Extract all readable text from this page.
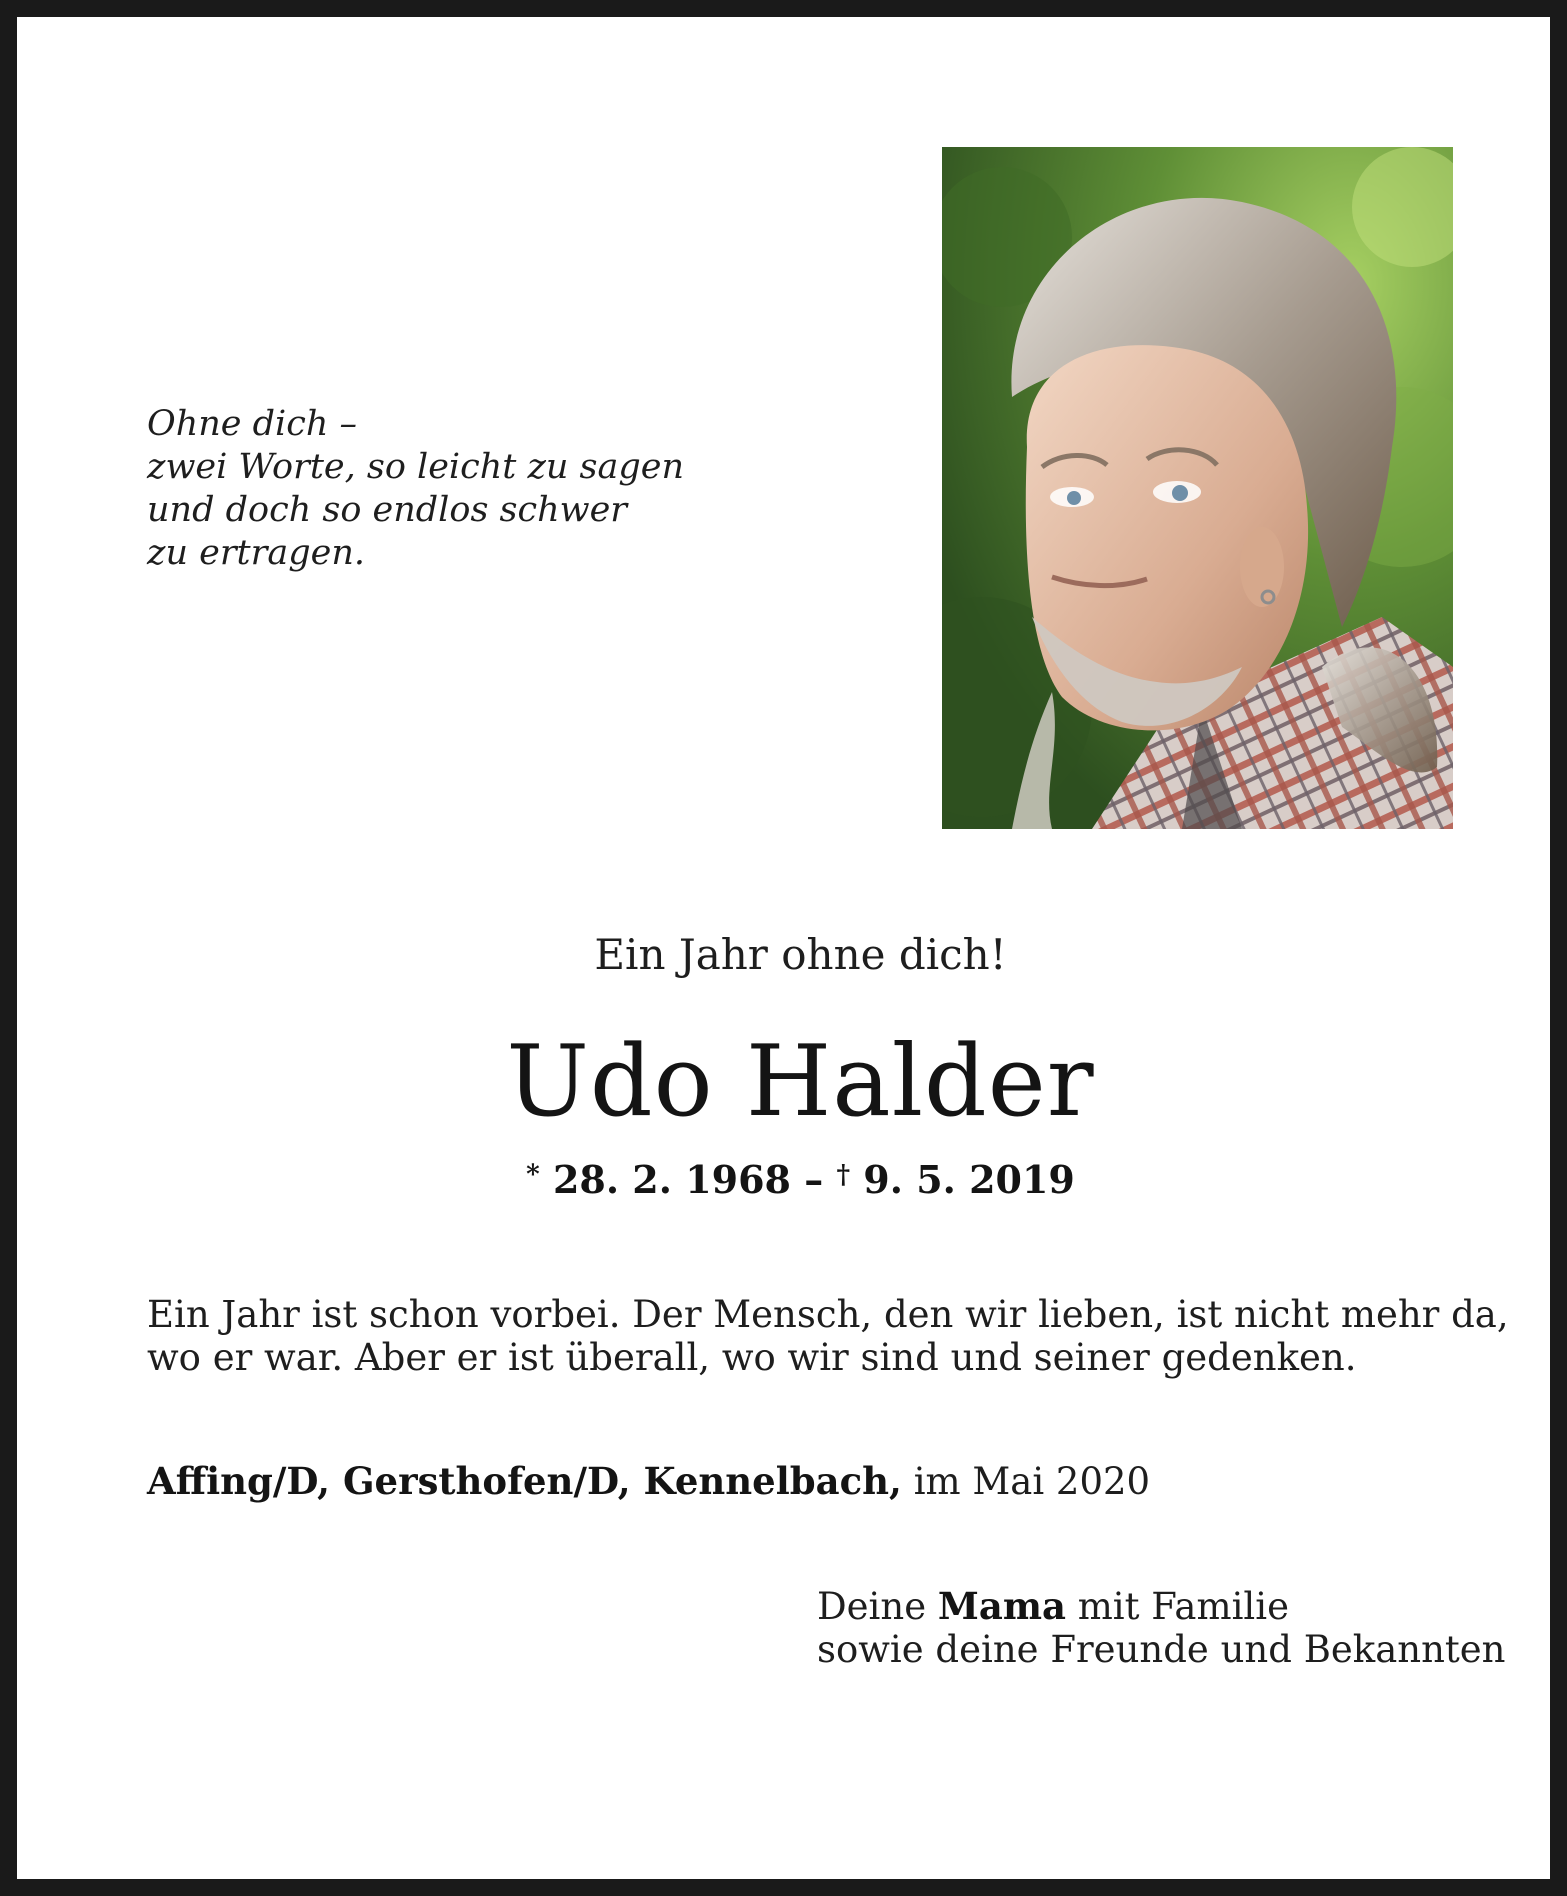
Ohne dich –
zwei Worte, so leicht zu sagen
und doch so endlos schwer
zu ertragen.
Ein Jahr ohne dich!
Udo Halder
* 28. 2. 1968 – † 9. 5. 2019
Ein Jahr ist schon vorbei. Der Mensch, den wir lieben, ist nicht mehr da,
wo er war. Aber er ist überall, wo wir sind und seiner gedenken.
Affing/D, Gersthofen/D, Kennelbach, im Mai 2020
Deine Mama mit Familie
sowie deine Freunde und Bekannten
